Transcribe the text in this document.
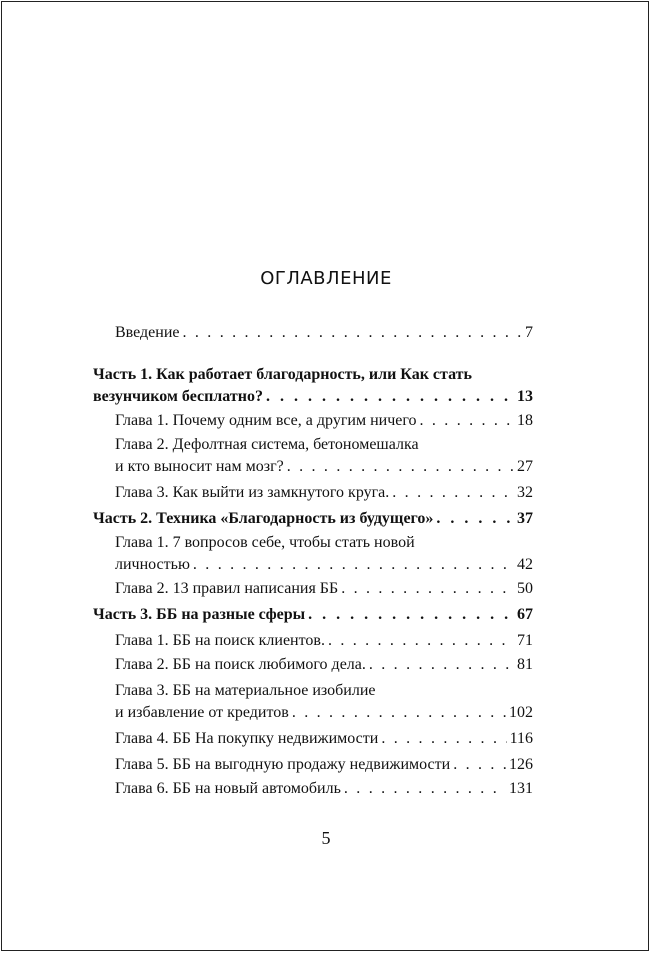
ОГЛАВЛЕНИЕ
Введение . . .	7
Часть 1. Как работает благодарность, или Как стать
везунчиком бесплатно? . . .	13
Глава 1. Почему одним все, а другим ничего . . .	18
Глава 2. Дефолтная система, бетономешалка
и кто выносит нам мозг? . . .	27
Глава 3. Как выйти из замкнутого круга. . . .	32
Часть 2. Техника «Благодарность из будущего» . . .	37
Глава 1. 7 вопросов себе, чтобы стать новой
личностью . . .	42
Глава 2. 13 правил написания ББ . . .	50
Часть 3. ББ на разные сферы . . .	67
Глава 1. ББ на поиск клиентов. . . .	71
Глава 2. ББ на поиск любимого дела. . . .	81
Глава 3. ББ на материальное изобилие
и избавление от кредитов . . .	102
Глава 4. ББ На покупку недвижимости . . .	116
Глава 5. ББ на выгодную продажу недвижимости . . .	126
Глава 6. ББ на новый автомобиль . . .	131
5
